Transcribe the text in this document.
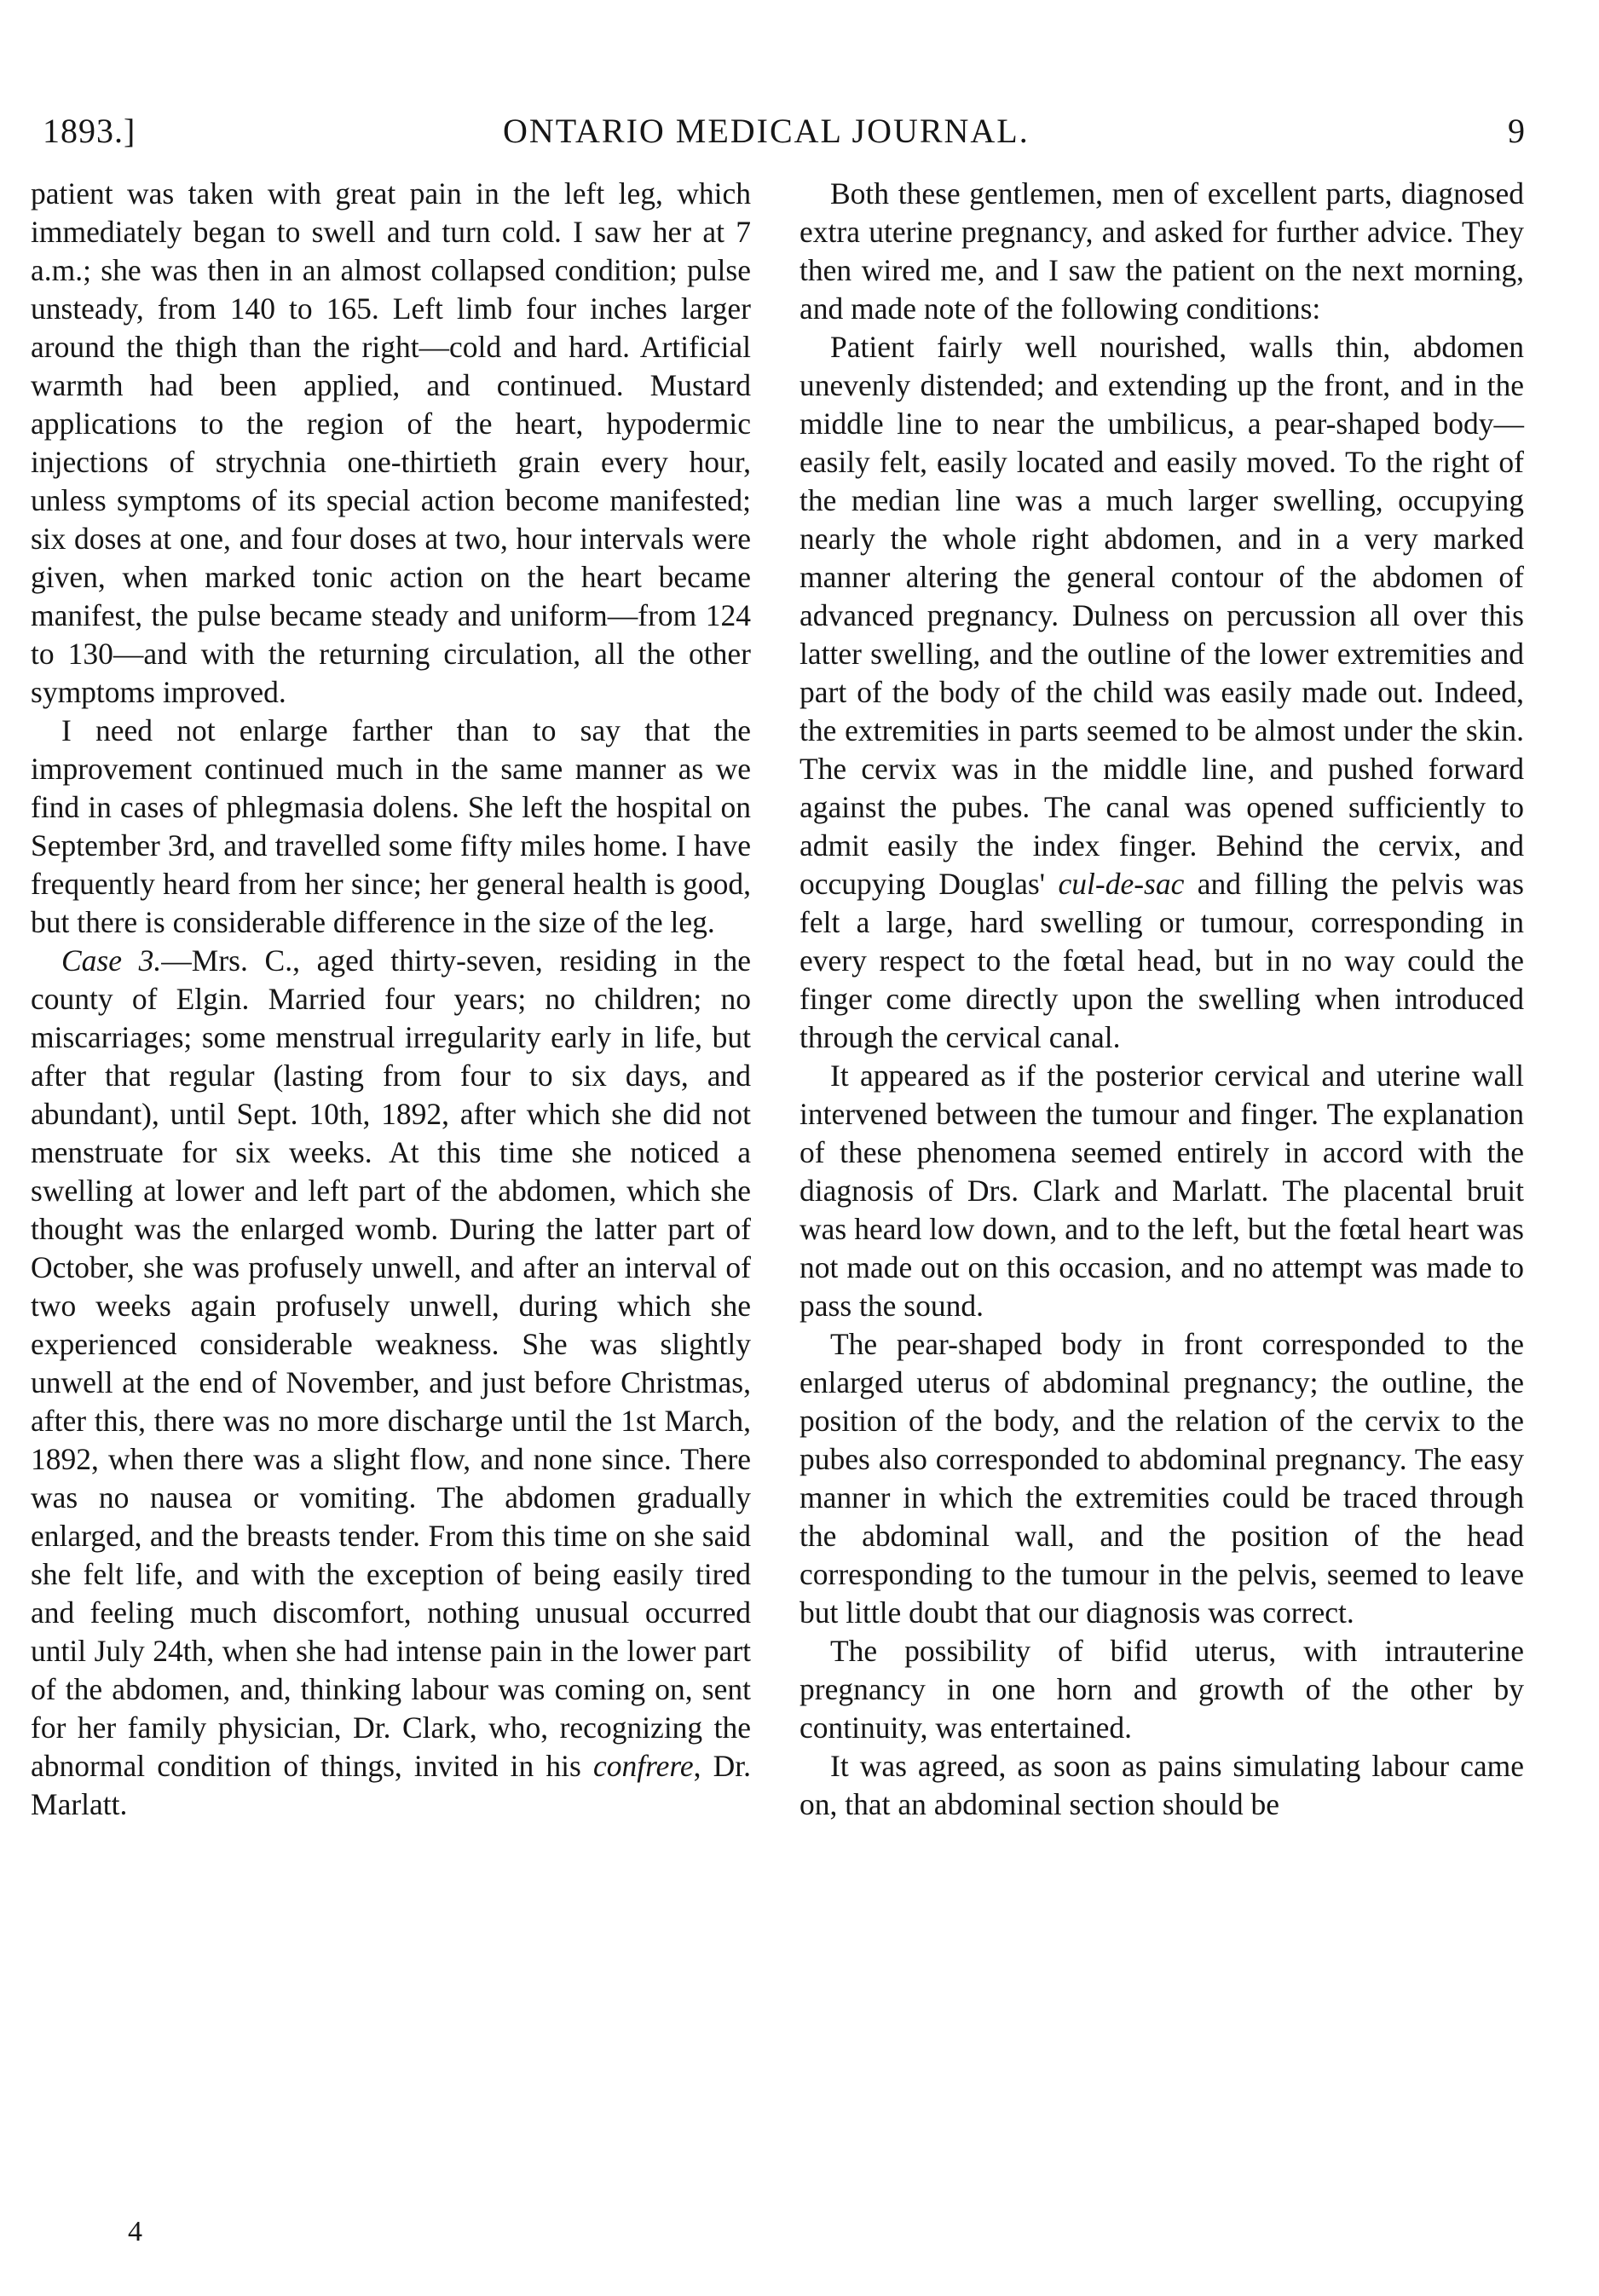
1893.]	ONTARIO MEDICAL JOURNAL.	9

patient was taken with great pain in the left leg, which immediately began to swell and turn cold. I saw her at 7 a.m.; she was then in an almost collapsed condition; pulse unsteady, from 140 to 165. Left limb four inches larger around the thigh than the right—cold and hard. Artificial warmth had been applied, and continued. Mustard applications to the region of the heart, hypodermic injections of strychnia one-thirtieth grain every hour, unless symptoms of its special action become manifested; six doses at one, and four doses at two, hour intervals were given, when marked tonic action on the heart became manifest, the pulse became steady and uniform—from 124 to 130—and with the returning circulation, all the other symptoms improved.

I need not enlarge farther than to say that the improvement continued much in the same manner as we find in cases of phlegmasia dolens. She left the hospital on September 3rd, and travelled some fifty miles home. I have frequently heard from her since; her general health is good, but there is considerable difference in the size of the leg.

Case 3.—Mrs. C., aged thirty-seven, residing in the county of Elgin. Married four years; no children; no miscarriages; some menstrual irregularity early in life, but after that regular (lasting from four to six days, and abundant), until Sept. 10th, 1892, after which she did not menstruate for six weeks. At this time she noticed a swelling at lower and left part of the abdomen, which she thought was the enlarged womb. During the latter part of October, she was profusely unwell, and after an interval of two weeks again profusely unwell, during which she experienced considerable weakness. She was slightly unwell at the end of November, and just before Christmas, after this, there was no more discharge until the 1st March, 1892, when there was a slight flow, and none since. There was no nausea or vomiting. The abdomen gradually enlarged, and the breasts tender. From this time on she said she felt life, and with the exception of being easily tired and feeling much discomfort, nothing unusual occurred until July 24th, when she had intense pain in the lower part of the abdomen, and, thinking labour was coming on, sent for her family physician, Dr. Clark, who, recognizing the abnormal condition of things, invited in his confrere, Dr. Marlatt.

Both these gentlemen, men of excellent parts, diagnosed extra uterine pregnancy, and asked for further advice. They then wired me, and I saw the patient on the next morning, and made note of the following conditions:

Patient fairly well nourished, walls thin, abdomen unevenly distended; and extending up the front, and in the middle line to near the umbilicus, a pear-shaped body—easily felt, easily located and easily moved. To the right of the median line was a much larger swelling, occupying nearly the whole right abdomen, and in a very marked manner altering the general contour of the abdomen of advanced pregnancy. Dulness on percussion all over this latter swelling, and the outline of the lower extremities and part of the body of the child was easily made out. Indeed, the extremities in parts seemed to be almost under the skin. The cervix was in the middle line, and pushed forward against the pubes. The canal was opened sufficiently to admit easily the index finger. Behind the cervix, and occupying Douglas' cul-de-sac and filling the pelvis was felt a large, hard swelling or tumour, corresponding in every respect to the fœtal head, but in no way could the finger come directly upon the swelling when introduced through the cervical canal.

It appeared as if the posterior cervical and uterine wall intervened between the tumour and finger. The explanation of these phenomena seemed entirely in accord with the diagnosis of Drs. Clark and Marlatt. The placental bruit was heard low down, and to the left, but the fœtal heart was not made out on this occasion, and no attempt was made to pass the sound.

The pear-shaped body in front corresponded to the enlarged uterus of abdominal pregnancy; the outline, the position of the body, and the relation of the cervix to the pubes also corresponded to abdominal pregnancy. The easy manner in which the extremities could be traced through the abdominal wall, and the position of the head corresponding to the tumour in the pelvis, seemed to leave but little doubt that our diagnosis was correct.

The possibility of bifid uterus, with intrauterine pregnancy in one horn and growth of the other by continuity, was entertained.

It was agreed, as soon as pains simulating labour came on, that an abdominal section should be

4
